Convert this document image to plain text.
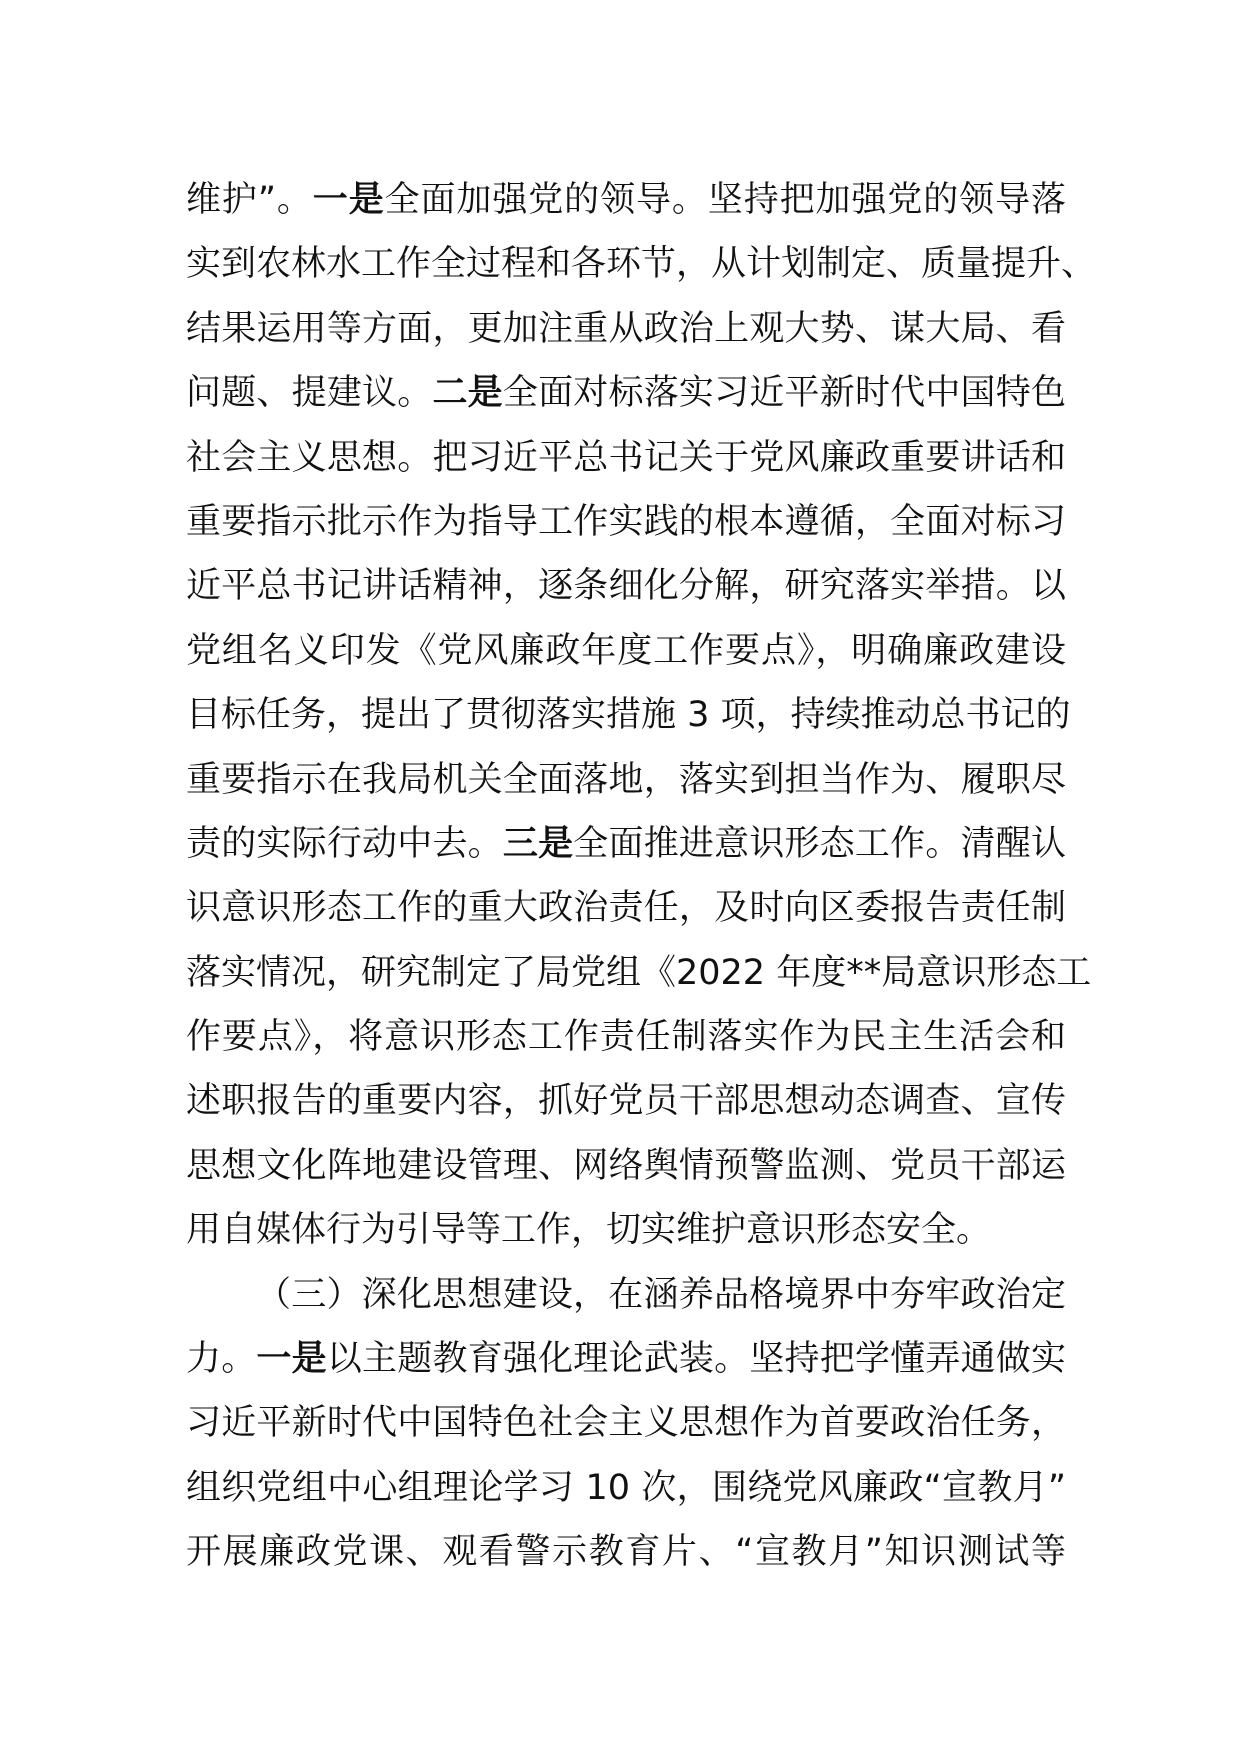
维护”。一是全面加强党的领导。坚持把加强党的领导落
实到农林水工作全过程和各环节，从计划制定、质量提升、
结果运用等方面，更加注重从政治上观大势、谋大局、看
问题、提建议。二是全面对标落实习近平新时代中国特色
社会主义思想。把习近平总书记关于党风廉政重要讲话和
重要指示批示作为指导工作实践的根本遵循，全面对标习
近平总书记讲话精神，逐条细化分解，研究落实举措。以
党组名义印发《党风廉政年度工作要点》，明确廉政建设
目标任务，提出了贯彻落实措施 3 项，持续推动总书记的
重要指示在我局机关全面落地，落实到担当作为、履职尽
责的实际行动中去。三是全面推进意识形态工作。清醒认
识意识形态工作的重大政治责任，及时向区委报告责任制
落实情况，研究制定了局党组《2022 年度**局意识形态工
作要点》，将意识形态工作责任制落实作为民主生活会和
述职报告的重要内容，抓好党员干部思想动态调查、宣传
思想文化阵地建设管理、网络舆情预警监测、党员干部运
用自媒体行为引导等工作，切实维护意识形态安全。
（三）深化思想建设，在涵养品格境界中夯牢政治定
力。一是以主题教育强化理论武装。坚持把学懂弄通做实
习近平新时代中国特色社会主义思想作为首要政治任务，
组织党组中心组理论学习 10 次，围绕党风廉政“宣教月”
开展廉政党课、观看警示教育片、“宣教月”知识测试等
